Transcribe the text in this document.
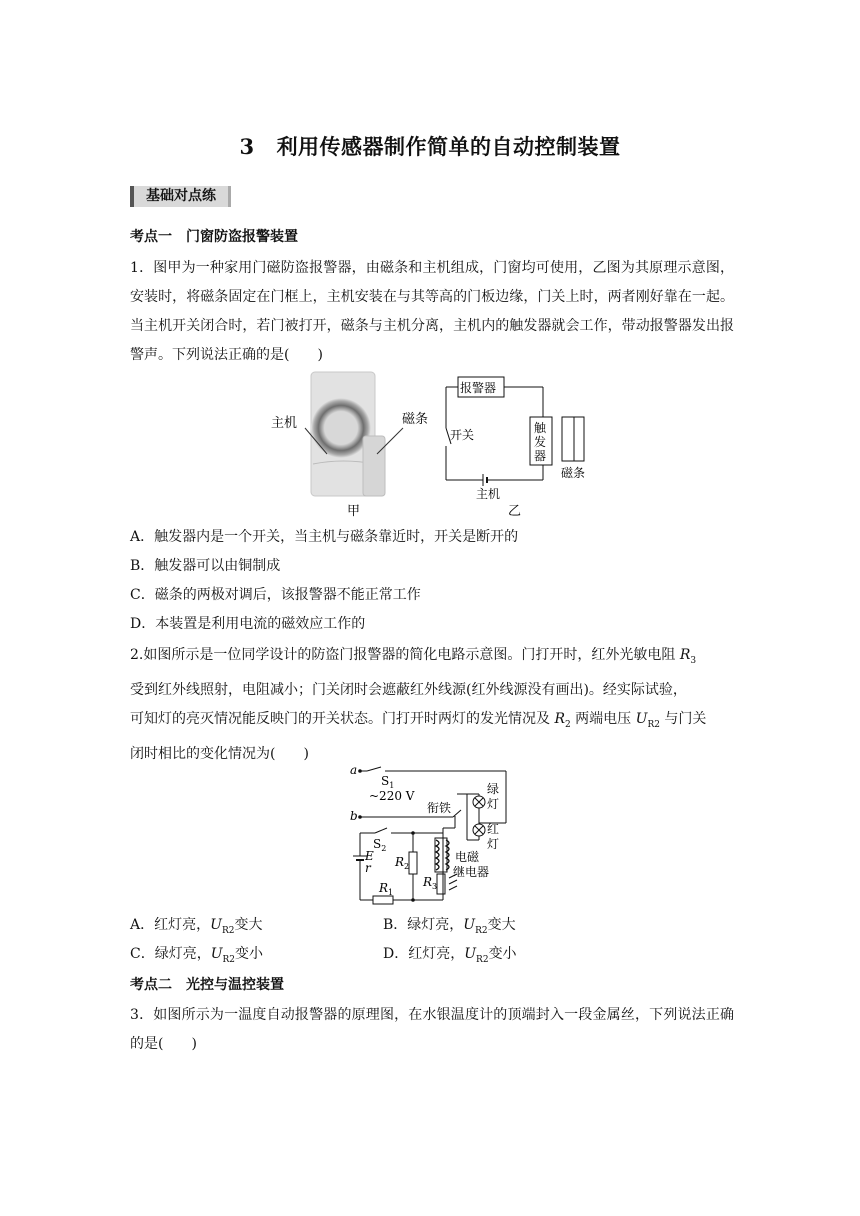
3 利用传感器制作简单的自动控制装置
基础对点练
考点一　门窗防盗报警装置
1．图甲为一种家用门磁防盗报警器，由磁条和主机组成，门窗均可使用，乙图为其原理示意图，安装时，将磁条固定在门框上，主机安装在与其等高的门板边缘，门关上时，两者刚好靠在一起。当主机开关闭合时，若门被打开，磁条与主机分离，主机内的触发器就会工作，带动报警器发出报警声。下列说法正确的是(　　)
主机	磁条
甲
报警器
开关	触
发
器
磁条
主机
乙
A．触发器内是一个开关，当主机与磁条靠近时，开关是断开的
B．触发器可以由铜制成
C．磁条的两极对调后，该报警器不能正常工作
D．本装置是利用电流的磁效应工作的
2.如图所示是一位同学设计的防盗门报警器的简化电路示意图。门打开时，红外光敏电阻 $R_3$
受到红外线照射，电阻减小；门关闭时会遮蔽红外线源(红外线源没有画出)。经实际试验，
可知灯的亮灭情况能反映门的开关状态。门打开时两灯的发光情况及 $R_2$ 两端电压 $U_{R2}$ 与门关
闭时相比的变化情况为(　　)
a
b
$S_1$
~220 V
衔铁
绿
灯
红
灯
$S_2$
E
r $R_2$
$R_1$
$R_3$
电磁
继电器
A．红灯亮，$U_{R2}$变大	B．绿灯亮，$U_{R2}$变大
C．绿灯亮，$U_{R2}$变小	D．红灯亮，$U_{R2}$变小
考点二　光控与温控装置
3．如图所示为一温度自动报警器的原理图，在水银温度计的顶端封入一段金属丝，下列说法正确的是(　　)
